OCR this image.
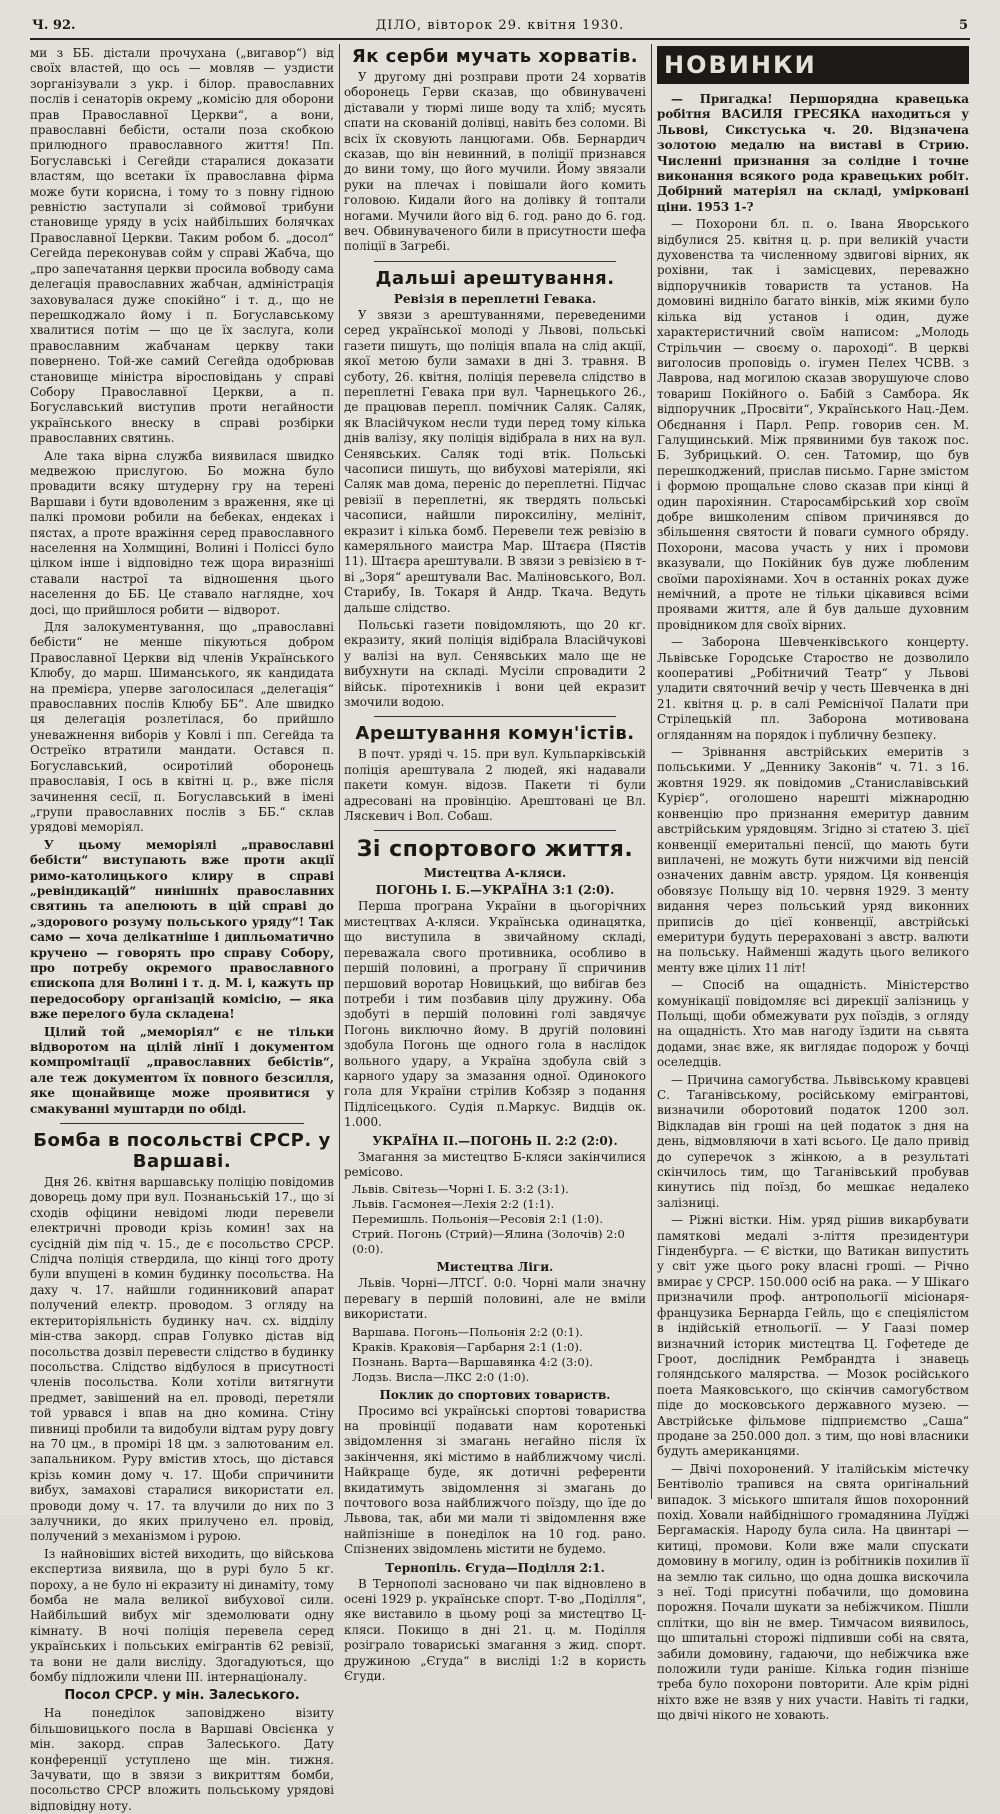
Ч. 92.	ДІЛО, вівторок 29. квітня 1930.	5

ми з ББ. дістали прочухана („вигавор“) від своїх властей, що ось — мовляв — уздисти зорганізували з укр. і білор. православних послів і сенаторів окрему „комісію для оборони прав Православної Церкви“, а вони, православні бебісти, остали поза скобкою прилюдного православного життя! Пп. Богуславські і Сегейди старалися доказати властям, що всетаки їх православна фірма може бути корисна, і тому то з повну гідною ревністю заступали зі соймової трибуни становище уряду в усіх найбільших болячках Православної Церкви. Таким робом б. „досол“ Сегейда переконував сойм у справі Жабча, що „про запечатання церкви просила вобводу сама делегація православних жабчан, адміністрація заховувалася дуже спокійно“ і т. д., що не перешкоджало йому і п. Богуславському хвалитися потім — що це їх заслуга, коли православним жабчанам церкву таки повернено. Той-же самий Сегейда одобрював становище міністра віросповідань у справі Собору Православної Церкви, а п. Богуславський виступив проти негайности українського внеску в справі розбірки православних святинь.

Але така вірна служба виявилася швидко медвежою прислугою. Бо можна було провадити всяку штудерну гру на терені Варшави і бути вдоволеним з враження, яке ці палкі промови робили на бебеках, ендеках і пястах, а проте вражіння серед православного населення на Холмщині, Волині і Поліссі було цілком інше і відповідно теж щора виразніші ставали настрої та відношення цього населення до ББ. Це ставало наглядне, хоч досі, що прийшлося робити — відворот.

Для залокументування, що „православні бебісти“ не менше пікуються добром Православної Церкви від членів Українського Клюбу, до марш. Шиманського, як кандидата на премієра, уперве заголосилася „делегація“ православних послів Клюбу ББ“. Але швидко ця делегація розлетілася, бо прийшло уневажнення виборів у Ковлі і пп. Сегейда та Остреїко втратили мандати. Остався п. Богуславський, осиротілий оборонець православія, І ось в квітні ц. р., вже після зачинення сесії, п. Богуславський в імені „групи православних послів з ББ.“ склав урядові меморіял.

У цьому меморіялі „православні бебісти“ виступають вже проти акції римо-католицького клиру в справі „ревіндикацій“ нинішніх православних святинь та апелюють в цій справі до „здорового розуму польського уряду“! Так само — хоча делікатніше і дипльоматично кручено — говорять про справу Собору, про потребу окремого православного єпископа для Волині і т. д. М. і, кажуть пр передособору організацій комісію, — яка вже перелого була складена!

Цілий той „меморіял“ є не тільки відворотом на цілій лінії і документом компромітації „православних бебістів“, але теж документом їх повного безсилля, яке щонайвище може проявитися у смакуванні муштарди по обіді.

Бомба в посольстві СРСР. у Варшаві.

Дня 26. квітня варшавську поліцію повідомив доворець дому при вул. Познаньській 17., що зі сходів офіцини невідомі люди перевели електричні проводи крізь комин! зах на сусідній дім під ч. 15., де є посольство СРСР. Слідча поліція ствердила, що кінці того дроту були впущені в комин будинку посольства. На даху ч. 17. найшли годинниковий апарат получений електр. проводом. З огляду на ектериторіяльність будинку нач. сх. відділу мін-ства закорд. справ Голувко дістав від посольства дозвіл перевести слідство в будинку посольства. Слідство відбулося в присутності членів посольства. Коли хотіли витягнути предмет, завішений на ел. проводі, перетяли той урвався і впав на дно комина. Стіну пивниці пробили та видобули відтам руру довгу на 70 цм., в промірі 18 цм. з залютованим ел. запальником. Руру вмістив хтось, що дістався крізь комин дому ч. 17. Щоби спричинити вибух, замахові старалися використати ел. проводи дому ч. 17. та влучили до них по 3 залучники, до яких прилучено ел. провід, получений з механізмом і рурою.

Із найновіших вістей виходить, що військова експертиза виявила, що в рурі було 5 кг. пороху, а не було ні екразиту ні динаміту, тому бомба не мала великої вибухової сили. Найбільший вибух міг здемолювати одну кімнату. В ночі поліція перевела серед українських і польських емігрантів 62 ревізії, та вони не дали висліду. Здогадуються, що бомбу підложили члени III. інтернаціоналу.

Посол СРСР. у мін. Залеського.

На понеділок заповіджено візиту більшовицького посла в Варшаві Овсієнка у мін. закорд. справ Залеського. Дату конференції уступлено ще мін. тижня. Зачувати, що в звязи з викриттям бомби, посольство СРСР вложить польському урядові відповідну ноту.

Як серби мучать хорватів.

У другому дні розправи проти 24 хорватів оборонець Герви сказав, що обвинувачені діставали у тюрмі лише воду та хліб; мусять спати на скованій долівці, навіть без соломи. Ві всіх їх сковують ланцюгами. Обв. Бернардич сказав, що він невинний, в поліції признався до вини тому, що його мучили. Йому звязали руки на плечах і повішали його комить головою. Кидали його на долівку й топтали ногами. Мучили його від 6. год. рано до 6. год. веч. Обвинуваченого били в присутности шефа поліції в Загребі.

Дальші арештування.
Ревізія в переплетні Гевака.

У звязи з арештуваннями, переведеними серед української молоді у Львові, польські газети пишуть, що поліція впала на слід акції, якої метою були замахи в дні 3. травня. В суботу, 26. квітня, поліція перевела слідство в переплетні Гевака при вул. Чарнецького 26., де працював перепл. помічник Саляк. Саляк, як Власійчуком несли туди перед тому кілька днів валізу, яку поліція відібрала в них на вул. Сенявських. Саляк тоді втік. Польські часописи пишуть, що вибухові матеріяли, які Саляк мав дома, переніс до переплетні. Підчас ревізії в переплетні, як твердять польські часописи, найшли пироксиліну, мелініт, екразит і кілька бомб. Перевели теж ревізію в камеряльного маистра Мар. Штаєра (Пястів 11). Штаєра арештували. В звязи з ревізією в т-ві „Зоря“ арештували Вас. Маліновського, Вол. Старибу, Ів. Токаря й Андр. Ткача. Ведуть дальше слідство.

Польські газети повідомляють, що 20 кг. екразиту, який поліція відібрала Власійчукові у валізі на вул. Сенявських мало ще не вибухнути на складі. Мусіли спровадити 2 військ. піротехників і вони цей екразит змочили водою.

Арештування комун'істів.

В почт. уряді ч. 15. при вул. Кульпарківській поліція арештувала 2 людей, які надавали пакети комун. відозв. Пакети ті були адресовані на провінцію. Арештовані це Вл. Ляскевич і Вол. Собаш.

Зі спортового життя.
Мистецтва А-кляси.
ПОГОНЬ І. Б.—УКРАЇНА 3:1 (2:0).

Перша програна України в цьогорічних мистецтвах А-кляси. Українська одинацятка, що виступила в звичайному складі, переважала свого противника, особливо в першій половині, а програну її спричинив першовий воротар Новицький, що вибігав без потреби і тим позбавив цілу дружину. Оба здобуті в першій половині голі завдячує Погонь виключно йому. В другій половині здобула Погонь ще одного гола в наслідок вольного удару, а Україна здобула свій з карного удару за змазання одної. Одинокого гола для України стрілив Кобзяр з подання Підлісецького. Судія п.Маркус. Видців ок. 1.000.

УКРАЇНА II.—ПОГОНЬ II. 2:2 (2:0).

Змагання за мистецтво Б-кляси закінчилися ремісово.

Львів. Світезь—Чорні І. Б. 3:2 (3:1).

Львів. Гасмонея—Лехія 2:2 (1:1).

Перемишль. Польонія—Ресовія 2:1 (1:0).

Стрий. Погонь (Стрий)—Ялина (Золочів) 2:0 (0:0).

Мистецтва Ліги.

Львів. Чорні—ЛТСҐ. 0:0. Чорні мали значну перевагу в першій половині, але не вміли використати.

Варшава. Погонь—Польонія 2:2 (0:1).

Краків. Краковія—Гарбарня 2:1 (1:0).

Познань. Варта—Варшавянка 4:2 (3:0).

Лодзь. Висла—ЛКС 2:0 (1:0).

Поклик до спортових товариств.

Просимо всі українські спортові товариства на провінції подавати нам коротенькі звідомлення зі змагань негайно після їх закінчення, які містимо в найближчому числі. Найкраще буде, як дотичні референти вкидатимуть звідомлення зі змагань до почтового воза найближчого поїзду, що їде до Львова, так, аби ми мали ті звідомлення вже найпізніше в понеділок на 10 год. рано. Спізнених звідомлень містити не будемо.

Тернопіль. Єгуда—Поділля 2:1.

В Тернополі засновано чи пак відновлено в осені 1929 р. українське спорт. Т-во „Поділля“, яке виставило в цьому році за мистецтво Ц-кляси. Покищо в дні 21. ц. м. Поділля розіграло товариські змагання з жид. спорт. дружиною „Єгуда“ в висліді 1:2 в користь Єгуди.

НОВИНКИ

— Пригадка! Першорядна кравецька робітня ВАСИЛЯ ГРЕСЯКА находиться у Львові, Сикстуська ч. 20. Відзначена золотою медалю на виставі в Стрию. Численні признання за солідне і точне виконання всякого рода кравецьких робіт. Добірний матеріял на складі, умірковані ціни. 1953 1-?

— Похорони бл. п. о. Івана Яворського відбулися 25. квітня ц. р. при великій участи духовенства та численному здвигові вірних, як рохівни, так і замісцевих, переважно відпоручників товариств та установ. На домовині видніло багато вінків, між якими було кілька від установ і один, дуже характеристичний своїм написом: „Молодь Стрільчин — своєму о. пароході“. В церкві виголосив проповідь о. ігумен Пелех ЧСВВ. з Лаврова, над могилою сказав зворушуюче слово товариш Покійного о. Бабій з Самбора. Як відпоручник „Просвіти“, Українського Нац.-Дем. Обєднання і Парл. Репр. говорив сен. М. Галущинський. Між прявиними був також пос. Б. Зубрицький. О. сен. Татомир, що був перешкоджений, прислав письмо. Гарне змістом і формою прощальне слово сказав при кінці й один парохіянин. Старосамбірський хор своїм добре вишколеним співом причинявся до збільшення святости й поваги сумного обряду. Похорони, масова участь у них і промови вказували, що Покійник був дуже любленим своїми парохіянами. Хоч в останніх роках дуже немічний, а проте не тільки цікавився всіми проявами життя, але й був дальше духовним провідником для своїх вірних.

— Заборона Шевченківського концерту. Львівське Городське Староство не дозволило кооперативі „Робітничий Театр“ у Львові уладити святочний вечір у честь Шевченка в дні 21. квітня ц. р. в салі Реміснічої Палати при Стрілецькій пл. Заборона мотивована огляданням на порядок і публичну безпеку.

— Зрівнання австрійських емеритів з польськими. У „Деннику Законів“ ч. 71. з 16. жовтня 1929. як повідомив „Станиславівський Курієр“, оголошено нарешті міжнародню конвенцію про признання емеритур давним австрійським урядовцям. Згідно зі статею 3. цієї конвенції емеритальні пенсії, що мають бути виплачені, не можуть бути нижчими від пенсій означених давнім австр. урядом. Ця конвенція обовязує Польщу від 10. червня 1929. З менту видання через польський уряд виконних приписів до цієї конвенції, австрійські емеритури будуть перераховані з австр. валюти на польську. Найменші жадуть цього великого менту вже цілих 11 літ!

— Спосіб на ощадність. Міністерство комунікації повідомляє всі дирекції залізниць у Польщі, щоби обмежувати рух поїздів, з огляду на ощадність. Хто мав нагоду їздити на сьвята додами, знає вже, як виглядає подорож у бочці оселедців.

— Причина самогубства. Львівському кравцеві С. Таганівському, російському емігрантові, визначили оборотовий податок 1200 зол. Відкладав він гроші на цей податок з дня на день, відмовляючи в хаті всього. Це дало привід до суперечок з жінкою, а в результаті скінчилось тим, що Таганівський пробував кинутись під поїзд, бо мешкає недалеко залізниці.

— Ріжні вістки. Нім. уряд рішив викарбувати памяткові медалі з-ліття президентури Гінденбурга. — Є вістки, що Ватикан випустить у світ уже цього року власні гроші. — Річно вмирає у СРСР. 150.000 осіб на рака. — У Шікаго призначили проф. антропольогії місіонаря-французика Бернарда Гейль, що є спеціялістом в індійській етнольогії. — У Гаазі помер визначний історик мистецтва Ц. Гофетеде де Гроот, дослідник Рембрандта і знавець голяндського маляpства. — Мозок російського поета Маяковського, що скінчив самогубством піде до московського державного музею. — Австрійське фільмове підприємство „Саша“ продане за 250.000 дол. з тим, що нові власники будуть американцями.

— Двічі похоронений. У італійськім містечку Бентіволіо трапився на свята оригінальний випадок. З міського шпиталя йшов похоронний похід. Ховали найбіднішого громадянина Луїджі Бергамаскія. Народу була сила. На цвинтарі — китиці, промови. Коли вже мали спускати домовину в могилу, один із робітників похилив її на землю так сильно, що одна дошка вискочила з неї. Тоді присутні побачили, що домовина порожня. Почали шукати за небіжчиком. Пішли сплітки, що він не вмер. Тимчасом виявилось, що шпитальні сторожі підпивши собі на свята, забили домовину, гадаючи, що небіжчика вже положили туди раніше. Кілька годин пізніше треба було похорони повторити. Але крім рідні ніхто вже не взяв у них участи. Навіть ті гадки, що двічі нікого не ховають.
